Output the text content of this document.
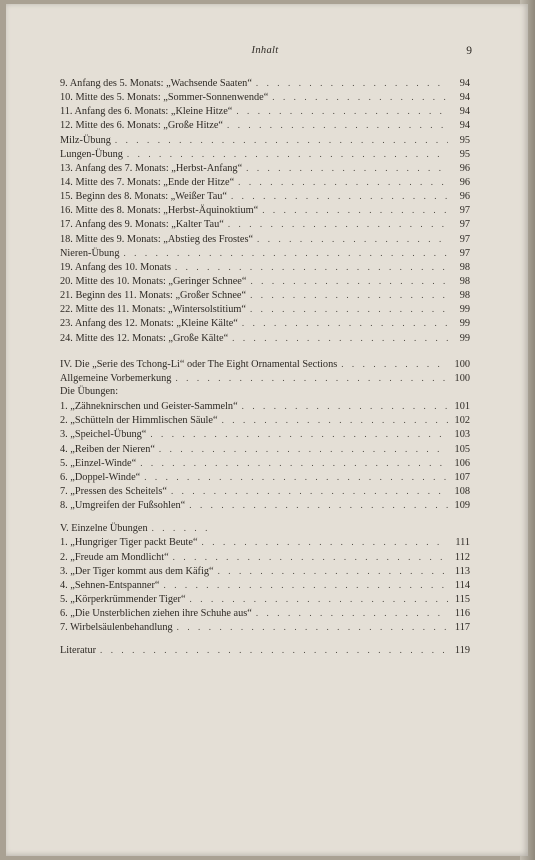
Inhalt	9
9. Anfang des 5. Monats: „Wachsende Saaten“ . . .	94
10. Mitte des 5. Monats: „Sommer-Sonnenwende“ . . .	94
11. Anfang des 6. Monats: „Kleine Hitze“ . . .	94
12. Mitte des 6. Monats: „Große Hitze“ . . .	94
Milz-Übung . . .	95
Lungen-Übung . . .	95
13. Anfang des 7. Monats: „Herbst-Anfang“ . . .	96
14. Mitte des 7. Monats: „Ende der Hitze“ . . .	96
15. Beginn des 8. Monats: „Weißer Tau“ . . .	96
16. Mitte des 8. Monats: „Herbst-Äquinoktium“ . . .	97
17. Anfang des 9. Monats: „Kalter Tau“ . . .	97
18. Mitte des 9. Monats: „Abstieg des Frostes“ . . .	97
Nieren-Übung . . .	97
19. Anfang des 10. Monats . . .	98
20. Mitte des 10. Monats: „Geringer Schnee“ . . .	98
21. Beginn des 11. Monats: „Großer Schnee“ . . .	98
22. Mitte des 11. Monats: „Wintersolstitium“ . . .	99
23. Anfang des 12. Monats: „Kleine Kälte“ . . .	99
24. Mitte des 12. Monats: „Große Kälte“ . . .	99
IV. Die „Serie des Tchong-Li“ oder The Eight Ornamental Sections . . .	100
Allgemeine Vorbemerkung . . .	100
Die Übungen:
1. „Zähneknirschen und Geister-Sammeln“ . . .	101
2. „Schütteln der Himmlischen Säule“ . . .	102
3. „Speichel-Übung“ . . .	103
4. „Reiben der Nieren“ . . .	105
5. „Einzel-Winde“ . . .	106
6. „Doppel-Winde“ . . .	107
7. „Pressen des Scheitels“ . . .	108
8. „Umgreifen der Fußsohlen“ . . .	109
V. Einzelne Übungen
. . .
1. „Hungriger Tiger packt Beute“ . . .	111
2. „Freude am Mondlicht“ . . .	112
3. „Der Tiger kommt aus dem Käfig“ . . .	113
4. „Sehnen-Entspanner“ . . .	114
5. „Körperkrümmender Tiger“ . . .	115
6. „Die Unsterblichen ziehen ihre Schuhe aus“ . . .	116
7. Wirbelsäulenbehandlung . . .	117
Literatur . . .	119
